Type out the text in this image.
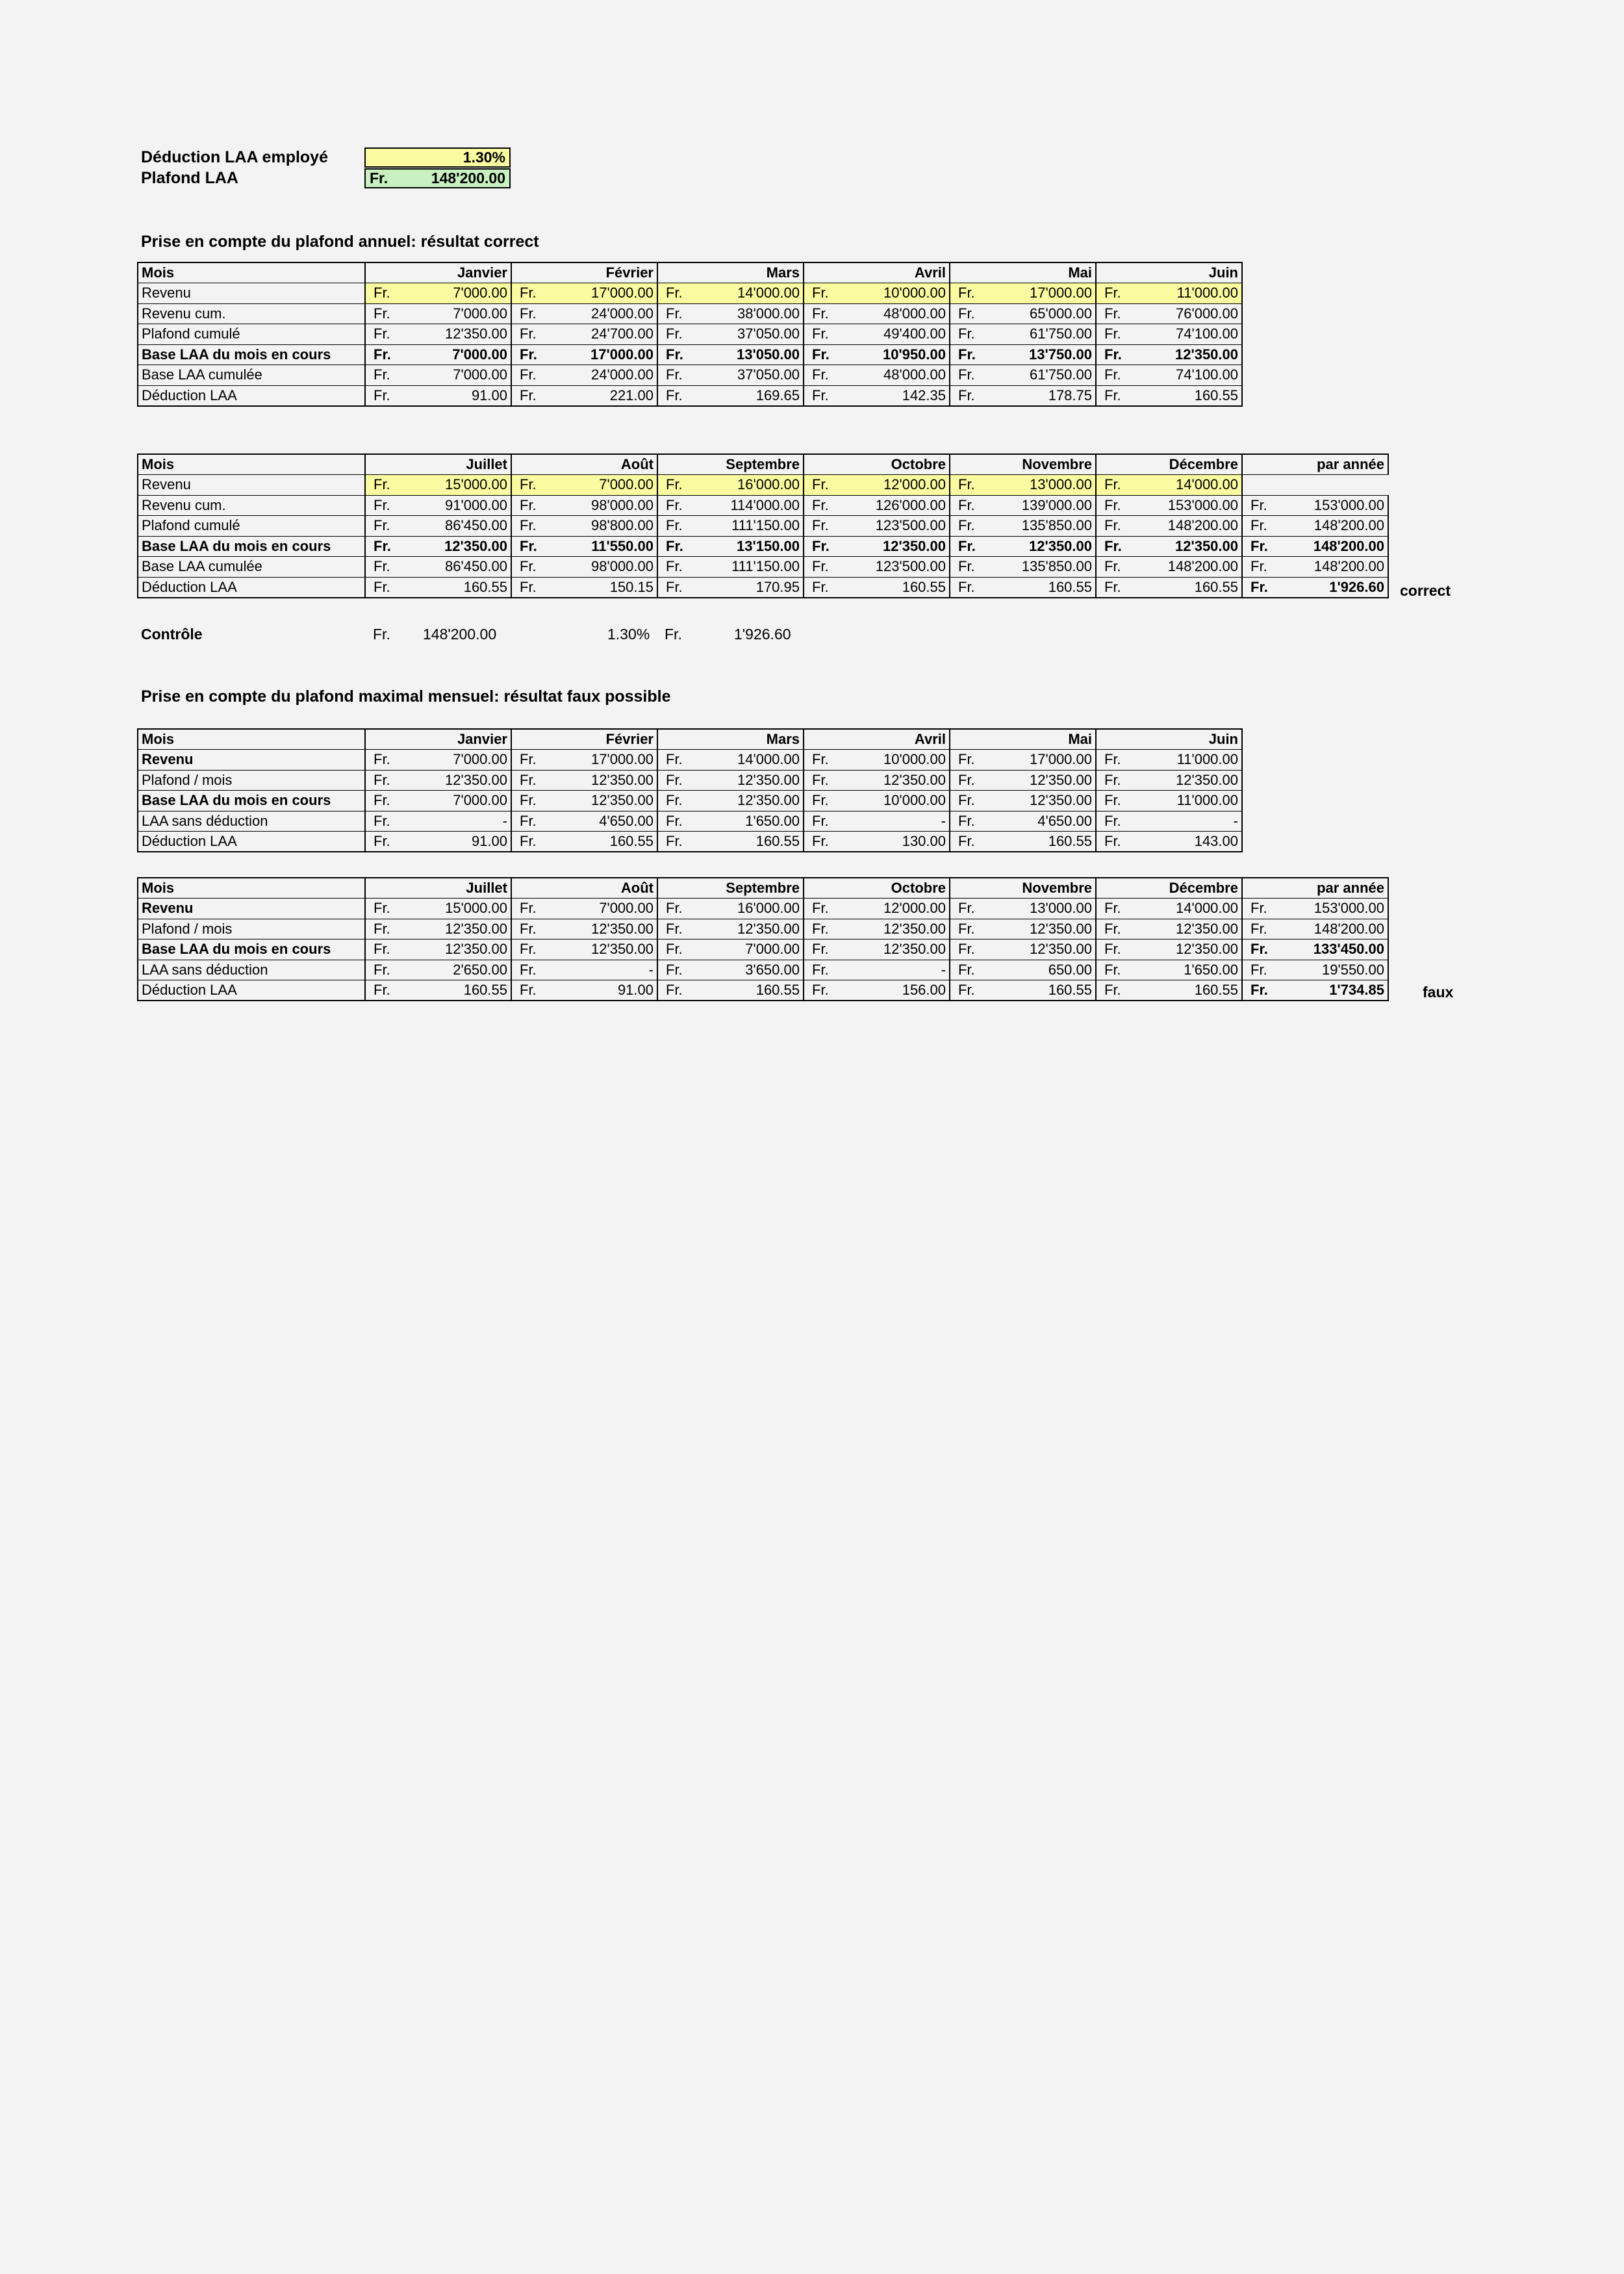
Déduction LAA employé	1.30%
Plafond LAA	Fr.	148'200.00
Prise en compte du plafond annuel: résultat correct
Mois	Janvier		Février		Mars		Avril		Mai		Juin	
Revenu	Fr.	7'000.00	Fr.	17'000.00	Fr.	14'000.00	Fr.	10'000.00	Fr.	17'000.00	Fr.	11'000.00
Revenu cum.	Fr.	7'000.00	Fr.	24'000.00	Fr.	38'000.00	Fr.	48'000.00	Fr.	65'000.00	Fr.	76'000.00
Plafond cumulé	Fr.	12'350.00	Fr.	24'700.00	Fr.	37'050.00	Fr.	49'400.00	Fr.	61'750.00	Fr.	74'100.00
Base LAA du mois en cours	Fr.	7'000.00	Fr.	17'000.00	Fr.	13'050.00	Fr.	10'950.00	Fr.	13'750.00	Fr.	12'350.00
Base LAA cumulée	Fr.	7'000.00	Fr.	24'000.00	Fr.	37'050.00	Fr.	48'000.00	Fr.	61'750.00	Fr.	74'100.00
Déduction LAA	Fr.	91.00	Fr.	221.00	Fr.	169.65	Fr.	142.35	Fr.	178.75	Fr.	160.55
Mois	Juillet		Août		Septembre		Octobre		Novembre		Décembre		par année	
Revenu	Fr.	15'000.00	Fr.	7'000.00	Fr.	16'000.00	Fr.	12'000.00	Fr.	13'000.00	Fr.	14'000.00		
Revenu cum.	Fr.	91'000.00	Fr.	98'000.00	Fr.	114'000.00	Fr.	126'000.00	Fr.	139'000.00	Fr.	153'000.00	Fr.	153'000.00
Plafond cumulé	Fr.	86'450.00	Fr.	98'800.00	Fr.	111'150.00	Fr.	123'500.00	Fr.	135'850.00	Fr.	148'200.00	Fr.	148'200.00
Base LAA du mois en cours	Fr.	12'350.00	Fr.	11'550.00	Fr.	13'150.00	Fr.	12'350.00	Fr.	12'350.00	Fr.	12'350.00	Fr.	148'200.00
Base LAA cumulée	Fr.	86'450.00	Fr.	98'000.00	Fr.	111'150.00	Fr.	123'500.00	Fr.	135'850.00	Fr.	148'200.00	Fr.	148'200.00
Déduction LAA	Fr.	160.55	Fr.	150.15	Fr.	170.95	Fr.	160.55	Fr.	160.55	Fr.	160.55	Fr.	1'926.60 correct
Contrôle	Fr. 148'200.00	1.30% Fr.	1'926.60
Prise en compte du plafond maximal mensuel: résultat faux possible
Mois	Janvier		Février		Mars		Avril		Mai		Juin	
Revenu	Fr.	7'000.00	Fr.	17'000.00	Fr.	14'000.00	Fr.	10'000.00	Fr.	17'000.00	Fr.	11'000.00
Plafond / mois	Fr.	12'350.00	Fr.	12'350.00	Fr.	12'350.00	Fr.	12'350.00	Fr.	12'350.00	Fr.	12'350.00
Base LAA du mois en cours	Fr.	7'000.00	Fr.	12'350.00	Fr.	12'350.00	Fr.	10'000.00	Fr.	12'350.00	Fr.	11'000.00
LAA sans déduction	Fr.	-	Fr.	4'650.00	Fr.	1'650.00	Fr.	-	Fr.	4'650.00	Fr.	-
Déduction LAA	Fr.	91.00	Fr.	160.55	Fr.	160.55	Fr.	130.00	Fr.	160.55	Fr.	143.00
Mois	Juillet		Août		Septembre		Octobre		Novembre		Décembre		par année	
Revenu	Fr.	15'000.00	Fr.	7'000.00	Fr.	16'000.00	Fr.	12'000.00	Fr.	13'000.00	Fr.	14'000.00	Fr.	153'000.00
Plafond / mois	Fr.	12'350.00	Fr.	12'350.00	Fr.	12'350.00	Fr.	12'350.00	Fr.	12'350.00	Fr.	12'350.00	Fr.	148'200.00
Base LAA du mois en cours	Fr.	12'350.00	Fr.	12'350.00	Fr.	7'000.00	Fr.	12'350.00	Fr.	12'350.00	Fr.	12'350.00	Fr.	133'450.00
LAA sans déduction	Fr.	2'650.00	Fr.	-	Fr.	3'650.00	Fr.	-	Fr.	650.00	Fr.	1'650.00	Fr.	19'550.00
Déduction LAA	Fr.	160.55	Fr.	91.00	Fr.	160.55	Fr.	156.00	Fr.	160.55	Fr.	160.55	Fr.	1'734.85	faux
